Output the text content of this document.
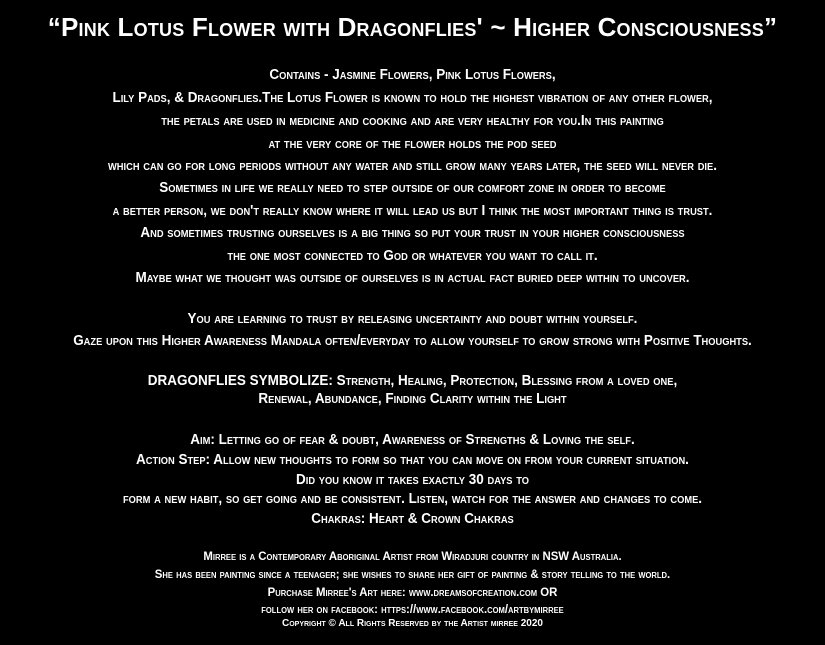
“Pink Lotus Flower with Dragonflies' ~ Higher Consciousness”
Contains - Jasmine Flowers, Pink Lotus Flowers,
Lily Pads, & Dragonflies.The Lotus Flower is known to hold the highest vibration of any other flower,
the petals are used in medicine and cooking and are very healthy for you.In this painting
at the very core of the flower holds the pod seed
which can go for long periods without any water and still grow many years later, the seed will never die.
Sometimes in life we really need to step outside of our comfort zone in order to become
a better person, we don't really know where it will lead us but I think the most important thing is trust.
And sometimes trusting ourselves is a big thing so put your trust in your higher consciousness
the one most connected to God or whatever you want to call it.
Maybe what we thought was outside of ourselves is in actual fact buried deep within to uncover.
You are learning to trust by releasing uncertainty and doubt within yourself.
Gaze upon this Higher Awareness Mandala often/everyday to allow yourself to grow strong with Positive Thoughts.
DRAGONFLIES SYMBOLIZE: Strength, Healing, Protection, Blessing from a loved one,
Renewal, Abundance, Finding Clarity within the Light
Aim: Letting go of fear & doubt, Awareness of Strengths & Loving the self.
Action Step: Allow new thoughts to form so that you can move on from your current situation.
Did you know it takes exactly 30 days to
form a new habit, so get going and be consistent. Listen, watch for the answer and changes to come.
Chakras: Heart & Crown Chakras
Mirree is a Contemporary Aboriginal Artist from Wiradjuri country in NSW Australia.
She has been painting since a teenager; she wishes to share her gift of painting & story telling to the world.
Purchase Mirree's Art here: www.dreamsofcreation.com OR
follow her on facebook: https://www.facebook.com/artbymirree
Copyright © All Rights Reserved by the Artist mirree 2020
